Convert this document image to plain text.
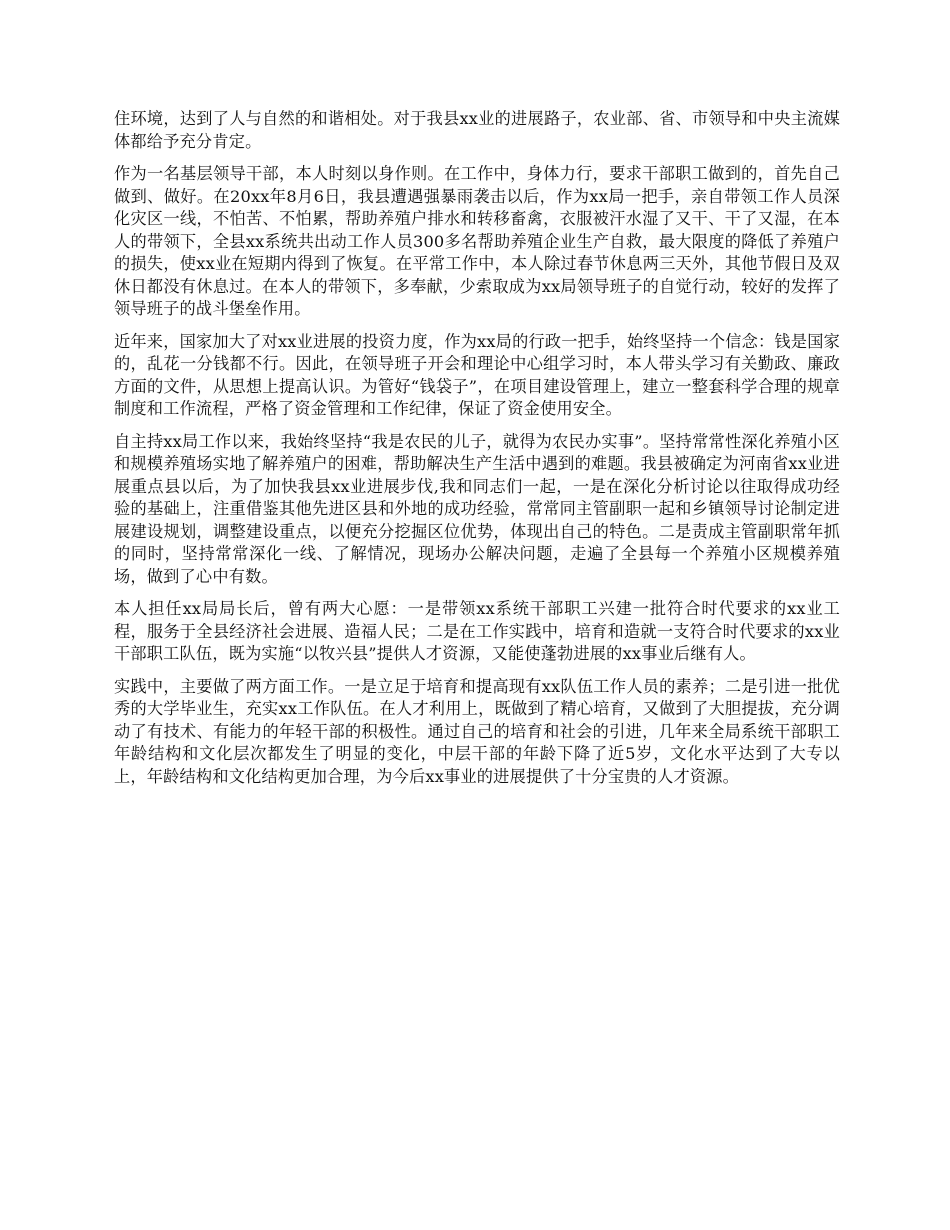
住环境，达到了人与自然的和谐相处。对于我县xx业的进展路子，农业部、省、市领导和中央主流媒体都给予充分肯定。

作为一名基层领导干部，本人时刻以身作则。在工作中，身体力行，要求干部职工做到的，首先自己做到、做好。在20xx年8月6日，我县遭遇强暴雨袭击以后，作为xx局一把手，亲自带领工作人员深化灾区一线，不怕苦、不怕累，帮助养殖户排水和转移畜禽，衣服被汗水湿了又干、干了又湿，在本人的带领下，全县xx系统共出动工作人员300多名帮助养殖企业生产自救，最大限度的降低了养殖户的损失，使xx业在短期内得到了恢复。在平常工作中，本人除过春节休息两三天外，其他节假日及双休日都没有休息过。在本人的带领下，多奉献，少索取成为xx局领导班子的自觉行动，较好的发挥了领导班子的战斗堡垒作用。

近年来，国家加大了对xx业进展的投资力度，作为xx局的行政一把手，始终坚持一个信念：钱是国家的，乱花一分钱都不行。因此，在领导班子开会和理论中心组学习时，本人带头学习有关勤政、廉政方面的文件，从思想上提高认识。为管好“钱袋子”，在项目建设管理上，建立一整套科学合理的规章制度和工作流程，严格了资金管理和工作纪律，保证了资金使用安全。

自主持xx局工作以来，我始终坚持“我是农民的儿子，就得为农民办实事”。坚持常常性深化养殖小区和规模养殖场实地了解养殖户的困难，帮助解决生产生活中遇到的难题。我县被确定为河南省xx业进展重点县以后，为了加快我县xx业进展步伐,我和同志们一起，一是在深化分析讨论以往取得成功经验的基础上，注重借鉴其他先进区县和外地的成功经验，常常同主管副职一起和乡镇领导讨论制定进展建设规划，调整建设重点，以便充分挖掘区位优势，体现出自己的特色。二是责成主管副职常年抓的同时，坚持常常深化一线、了解情况，现场办公解决问题，走遍了全县每一个养殖小区规模养殖场，做到了心中有数。

本人担任xx局局长后，曾有两大心愿：一是带领xx系统干部职工兴建一批符合时代要求的xx业工程，服务于全县经济社会进展、造福人民；二是在工作实践中，培育和造就一支符合时代要求的xx业干部职工队伍，既为实施“以牧兴县”提供人才资源，又能使蓬勃进展的xx事业后继有人。

实践中，主要做了两方面工作。一是立足于培育和提高现有xx队伍工作人员的素养；二是引进一批优秀的大学毕业生，充实xx工作队伍。在人才利用上，既做到了精心培育，又做到了大胆提拔，充分调动了有技术、有能力的年轻干部的积极性。通过自己的培育和社会的引进，几年来全局系统干部职工年龄结构和文化层次都发生了明显的变化，中层干部的年龄下降了近5岁，文化水平达到了大专以上，年龄结构和文化结构更加合理，为今后xx事业的进展提供了十分宝贵的人才资源。
